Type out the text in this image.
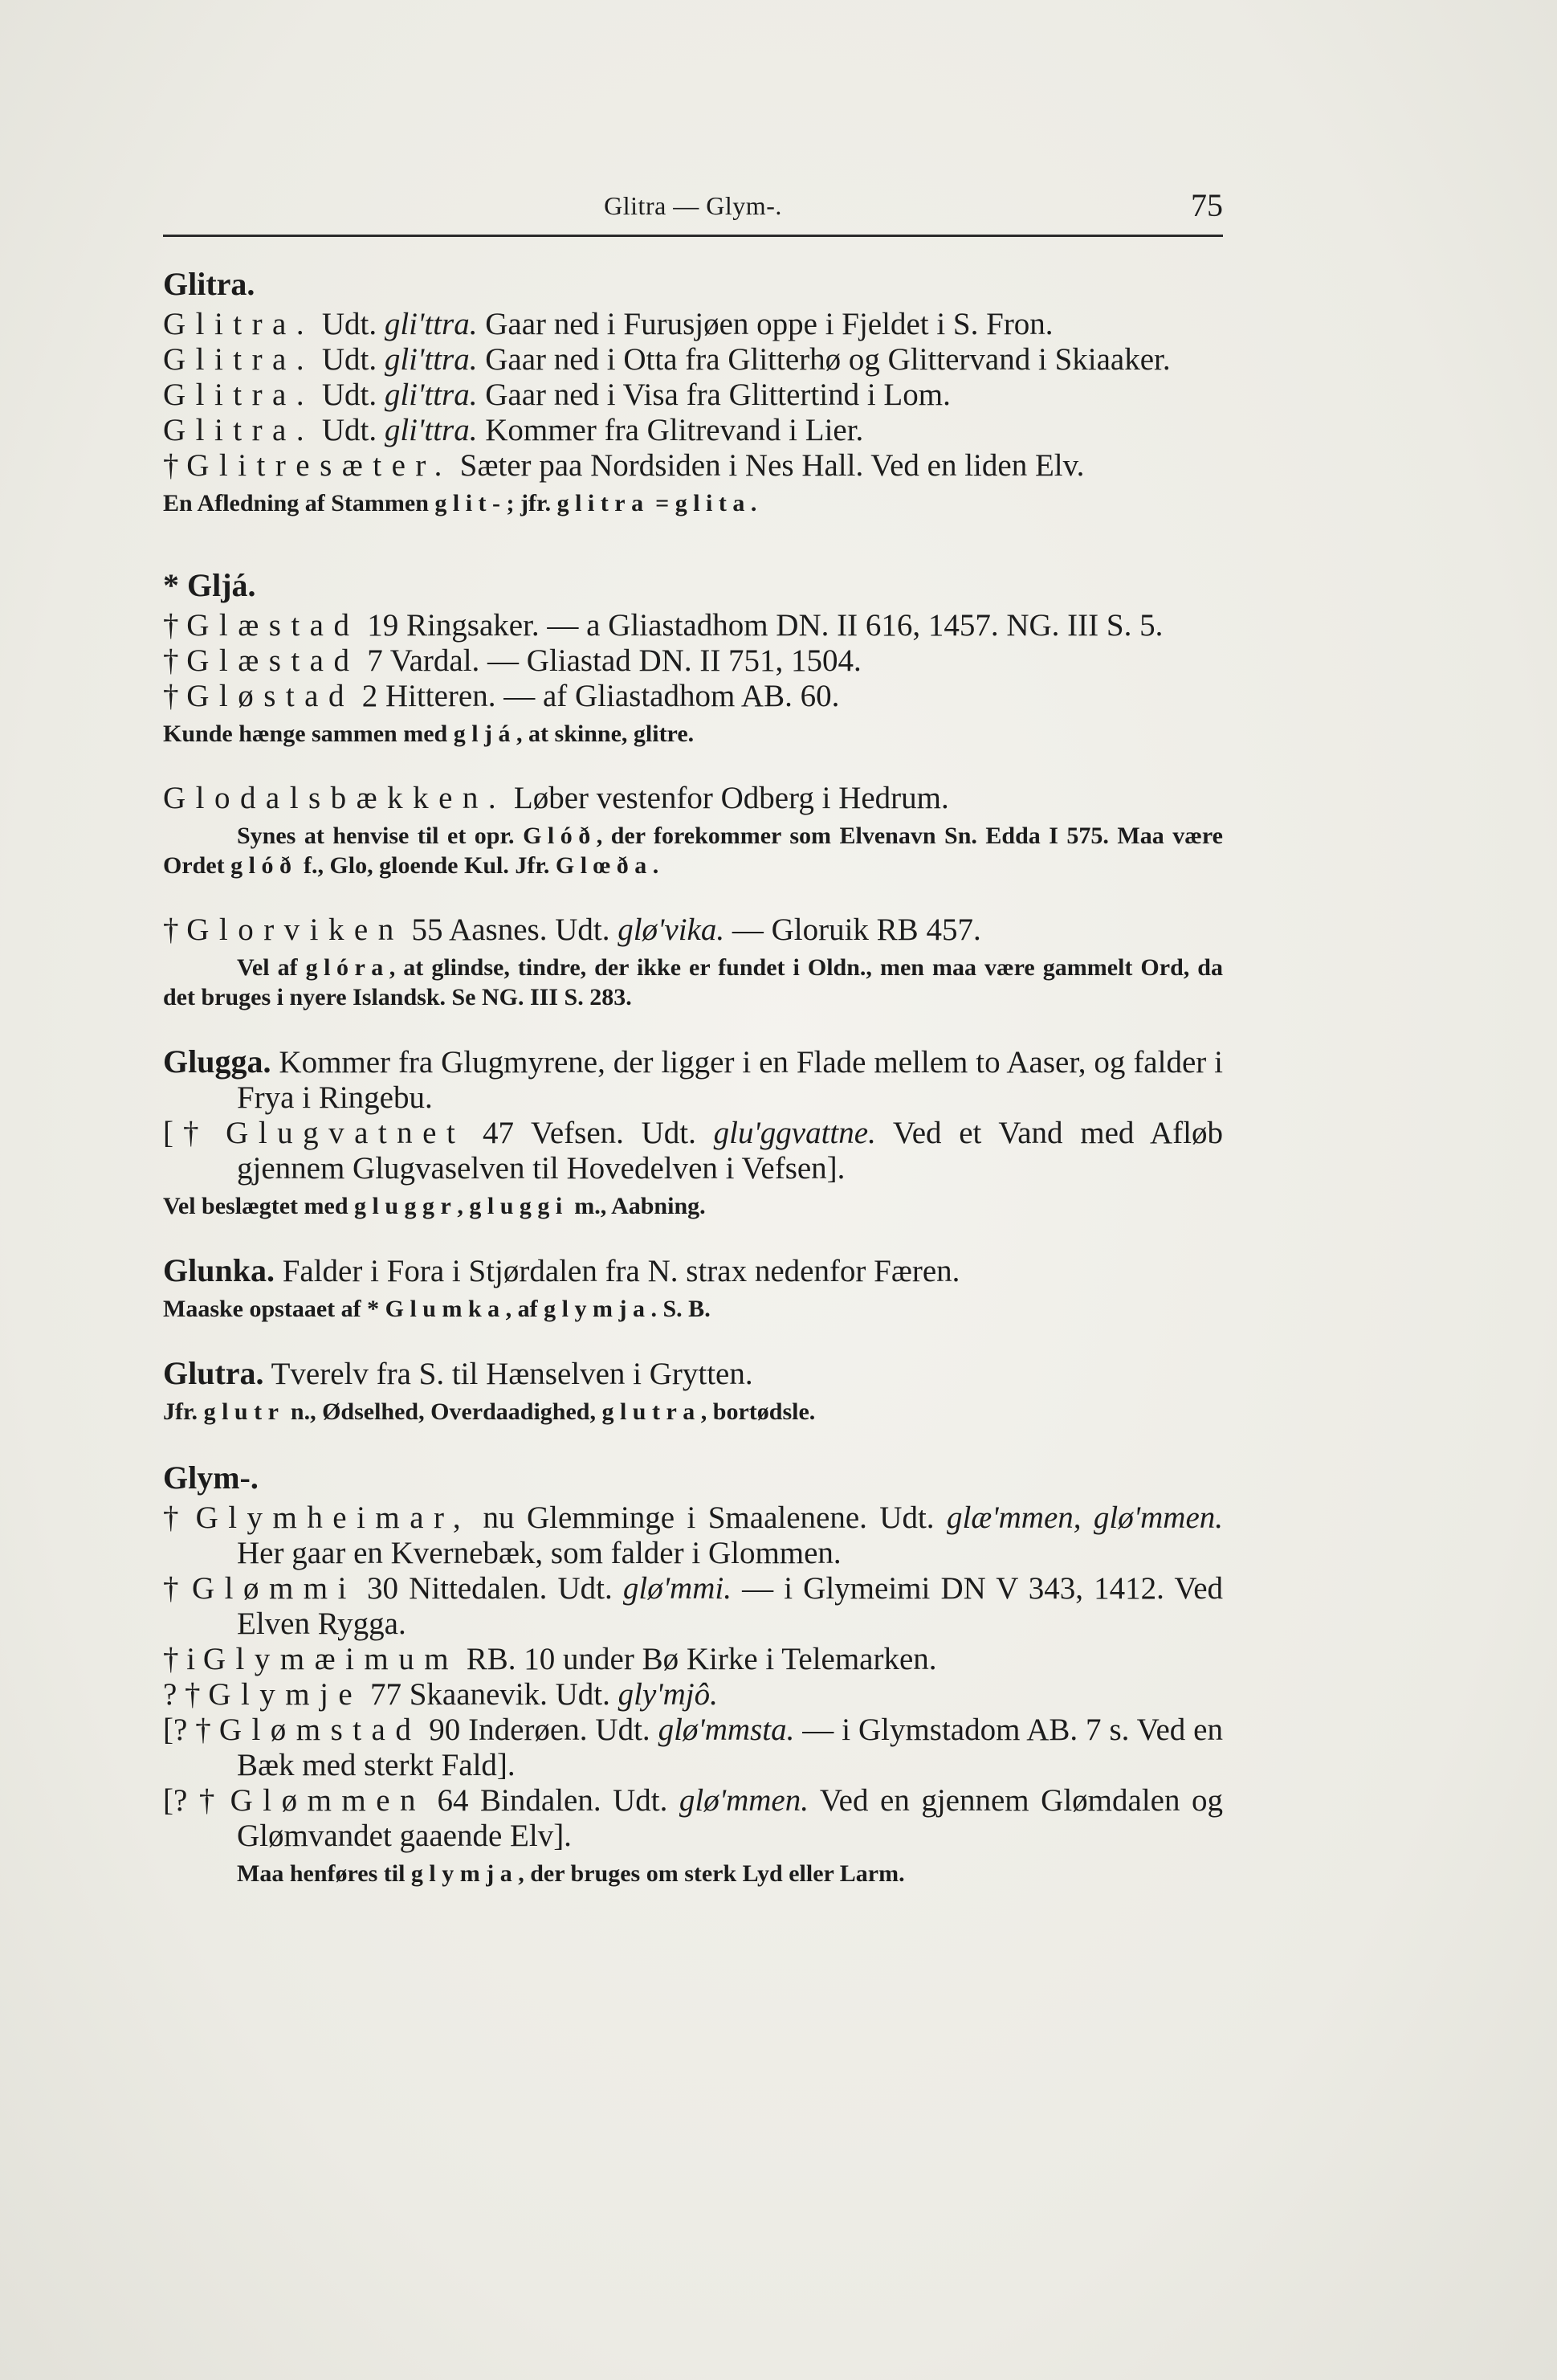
Glitra — Glym-.	75
Glitra.

Glitra. Udt. gli'ttra. Gaar ned i Furusjøen oppe i Fjeldet i S. Fron.

Glitra. Udt. gli'ttra. Gaar ned i Otta fra Glitterhø og Glittervand i Skiaaker.

Glitra. Udt. gli'ttra. Gaar ned i Visa fra Glittertind i Lom.

Glitra. Udt. gli'ttra. Kommer fra Glitrevand i Lier.

† Glitresæter. Sæter paa Nordsiden i Nes Hall. Ved en liden Elv.

En Afledning af Stammen glit-; jfr. glitra = glita.

* Gljá.

† Glæstad 19 Ringsaker. — a Gliastadhom DN. II 616, 1457. NG. III S. 5.

† Glæstad 7 Vardal. — Gliastad DN. II 751, 1504.

† Gløstad 2 Hitteren. — af Gliastadhom AB. 60.

Kunde hænge sammen med gljá, at skinne, glitre.

Glodalsbækken. Løber vestenfor Odberg i Hedrum.

Synes at henvise til et opr. Glóð, der forekommer som Elvenavn Sn. Edda I 575. Maa være Ordet glóð f., Glo, gloende Kul. Jfr. Glœða.

† Glorviken 55 Aasnes. Udt. glø'vika. — Gloruik RB 457.

Vel af glóra, at glindse, tindre, der ikke er fundet i Oldn., men maa være gammelt Ord, da det bruges i nyere Islandsk. Se NG. III S. 283.

Glugga. Kommer fra Glugmyrene, der ligger i en Flade mellem to Aaser, og falder i Frya i Ringebu.

[† Glugvatnet 47 Vefsen. Udt. glu'ggvattne. Ved et Vand med Afløb gjennem Glugvaselven til Hovedelven i Vefsen].

Vel beslægtet med gluggr, gluggi m., Aabning.

Glunka. Falder i Fora i Stjørdalen fra N. strax nedenfor Færen.

Maaske opstaaet af *Glumka, af glymja. S. B.

Glutra. Tverelv fra S. til Hænselven i Grytten.

Jfr. glutr n., Ødselhed, Overdaadighed, glutra, bortødsle.

Glym-.

† Glymheimar, nu Glemminge i Smaalenene. Udt. glæ'mmen, glø'mmen. Her gaar en Kvernebæk, som falder i Glommen.

† Glømmi 30 Nittedalen. Udt. glø'mmi. — i Glymeimi DN V 343, 1412. Ved Elven Rygga.

† i Glymæimum RB. 10 under Bø Kirke i Telemarken.

? † Glymje 77 Skaanevik. Udt. gly'mjô.

[? † Glømstad 90 Inderøen. Udt. glø'mmsta. — i Glymstadom AB. 7 s. Ved en Bæk med sterkt Fald].

[? † Glømmen 64 Bindalen. Udt. glø'mmen. Ved en gjennem Glømdalen og Glømvandet gaaende Elv].

Maa henføres til glymja, der bruges om sterk Lyd eller Larm.
